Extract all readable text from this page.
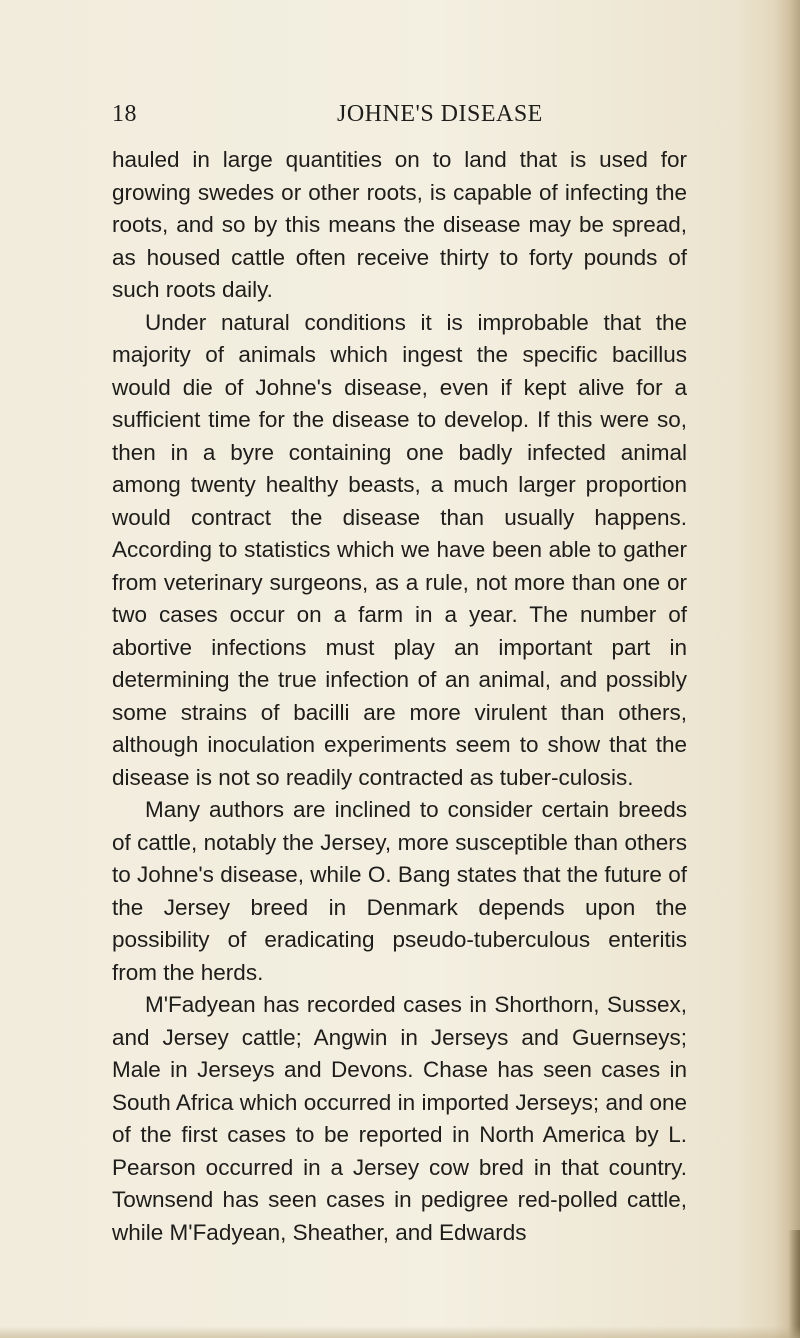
18	JOHNE'S DISEASE

hauled in large quantities on to land that is used for growing swedes or other roots, is capable of infecting the roots, and so by this means the disease may be spread, as housed cattle often receive thirty to forty pounds of such roots daily.

Under natural conditions it is improbable that the majority of animals which ingest the specific bacillus would die of Johne's disease, even if kept alive for a sufficient time for the disease to develop. If this were so, then in a byre containing one badly infected animal among twenty healthy beasts, a much larger proportion would contract the disease than usually happens. According to statistics which we have been able to gather from veterinary surgeons, as a rule, not more than one or two cases occur on a farm in a year. The number of abortive infections must play an important part in determining the true infection of an animal, and possibly some strains of bacilli are more virulent than others, although inoculation experiments seem to show that the disease is not so readily contracted as tuber-culosis.

Many authors are inclined to consider certain breeds of cattle, notably the Jersey, more susceptible than others to Johne's disease, while O. Bang states that the future of the Jersey breed in Denmark depends upon the possibility of eradicating pseudo-tuberculous enteritis from the herds.

M'Fadyean has recorded cases in Shorthorn, Sussex, and Jersey cattle; Angwin in Jerseys and Guernseys; Male in Jerseys and Devons. Chase has seen cases in South Africa which occurred in imported Jerseys; and one of the first cases to be reported in North America by L. Pearson occurred in a Jersey cow bred in that country. Townsend has seen cases in pedigree red-polled cattle, while M'Fadyean, Sheather, and Edwards
